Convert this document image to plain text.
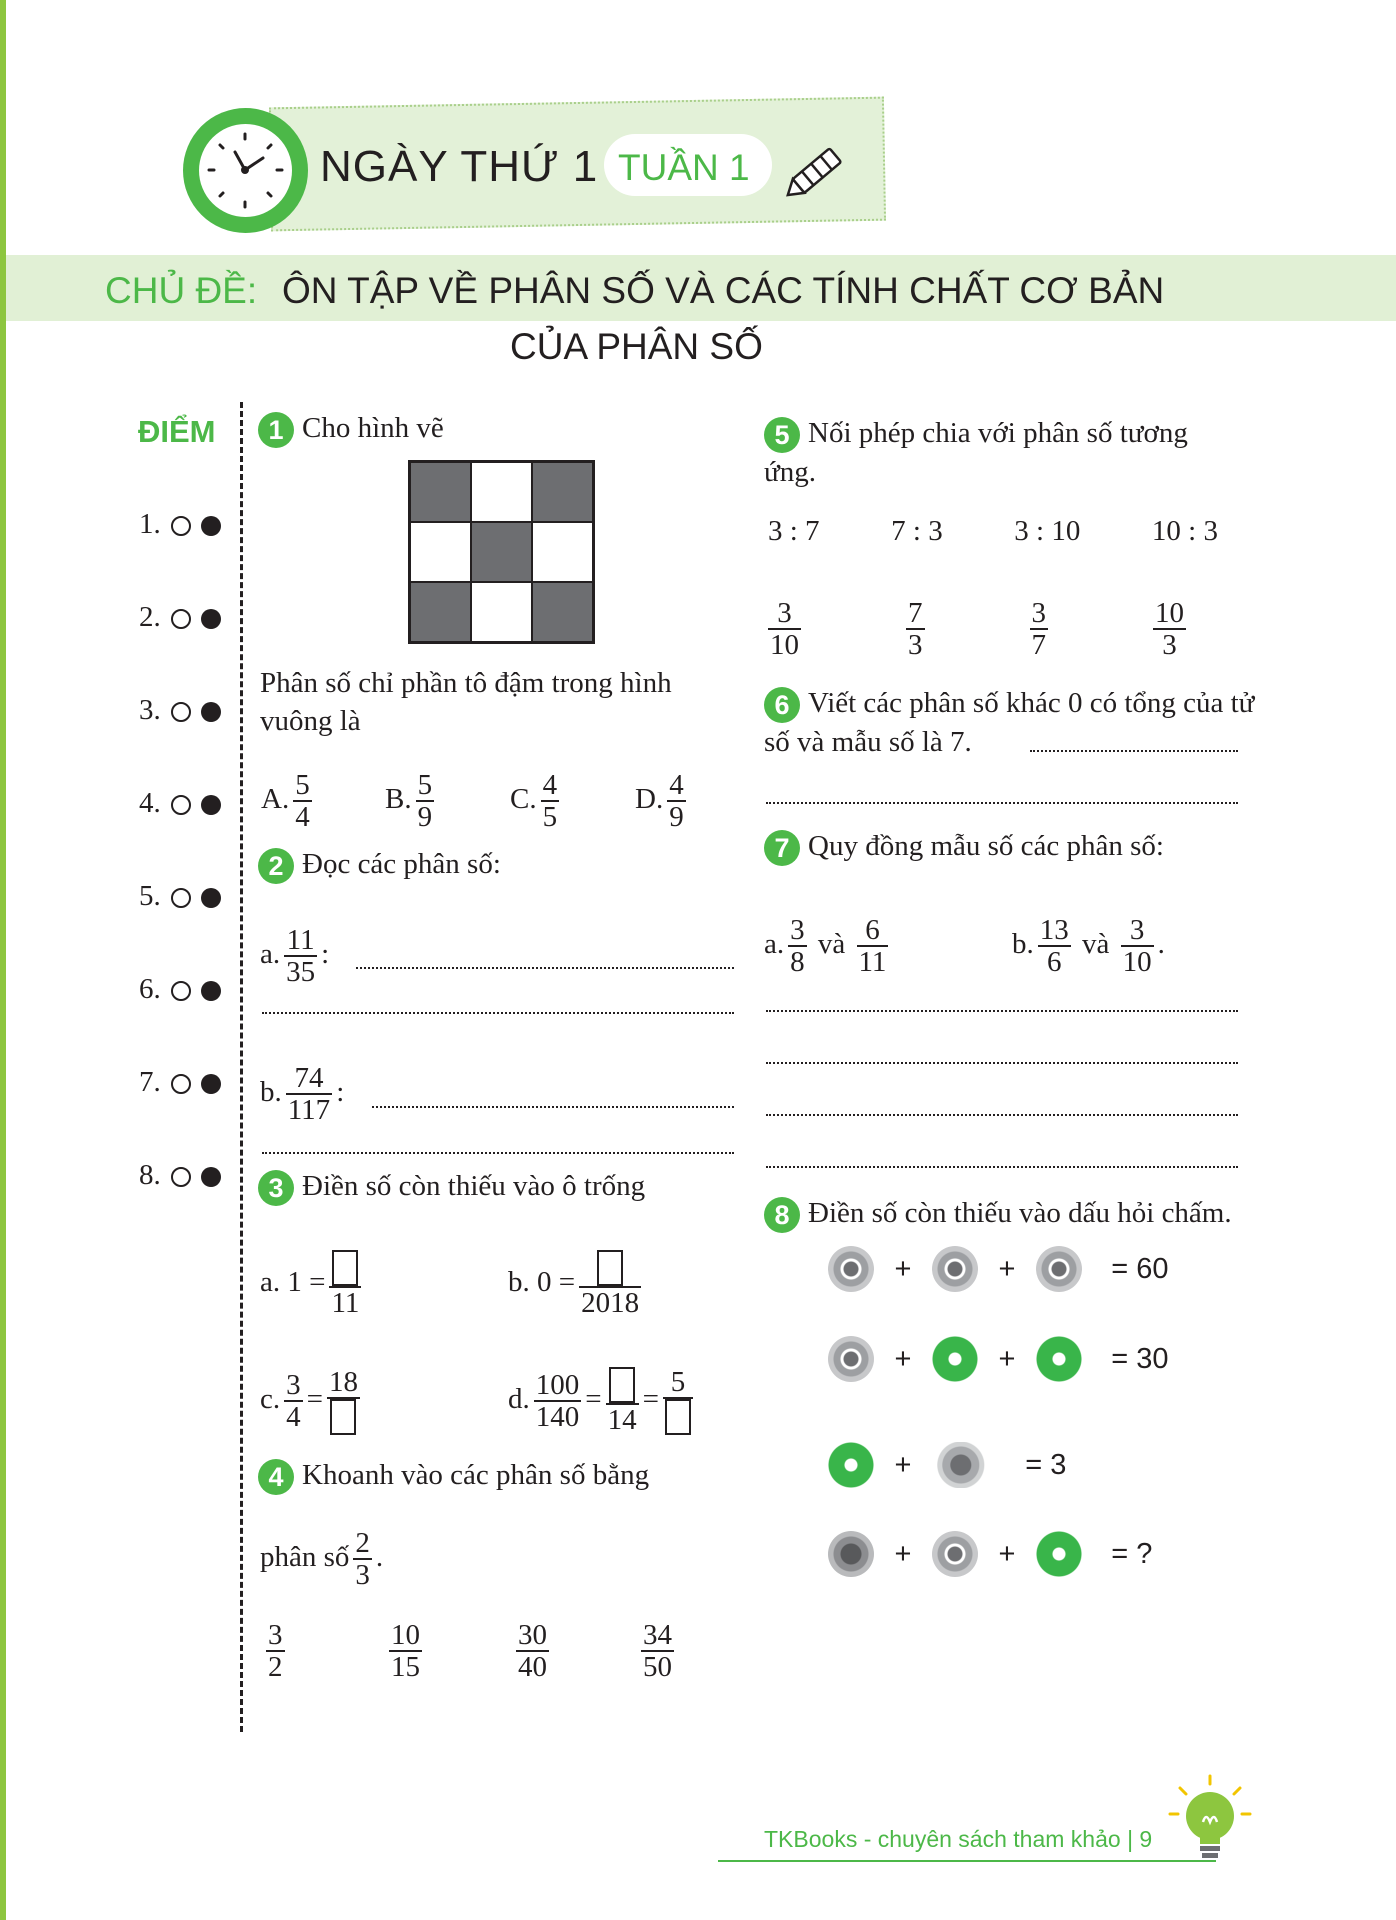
NGÀY THỨ 1 TUẦN 1
CHỦ ĐỀ: ÔN TẬP VỀ PHÂN SỐ VÀ CÁC TÍNH CHẤT CƠ BẢN
CỦA PHÂN SỐ
ĐIỂM
1.
2.
3.
4.
5.
6.
7.
8.
1 Cho hình vẽ
Phân số chỉ phần tô đậm trong hình vuông là
A. $\frac{5}{4}$	B. $\frac{5}{9}$	C. $\frac{4}{5}$	D. $\frac{4}{9}$
2 Đọc các phân số:
a. $\frac{11}{35}$ :
b. $\frac{74}{117}$ :
3 Điền số còn thiếu vào ô trống
a. 1 =
11
b. 0 =
2018
c. $\frac{3}{4}$ =
18
d. $\frac{100}{140}$ =
14
=
5
4 Khoanh vào các phân số bằng
phân số $\frac{2}{3}$ .
$\frac{3}{2}$	$\frac{10}{15}$	$\frac{30}{40}$	$\frac{34}{50}$
5 Nối phép chia với phân số tương ứng.
3 : 7 7 : 3 3 : 10 10 : 3
$\frac{3}{10}$	$\frac{7}{3}$	$\frac{3}{7}$	$\frac{10}{3}$
6 Viết các phân số khác 0 có tổng của tử số và mẫu số là 7.
7 Quy đồng mẫu số các phân số:
a. $\frac{3}{8}$ và $\frac{6}{11}$	b. $\frac{13}{6}$ và $\frac{3}{10}$ .
8 Điền số còn thiếu vào dấu hỏi chấm.
+	+	= 60
+	+	= 30
+	= 3
+	+	= ?
TKBooks - chuyên sách tham khảo | 9
